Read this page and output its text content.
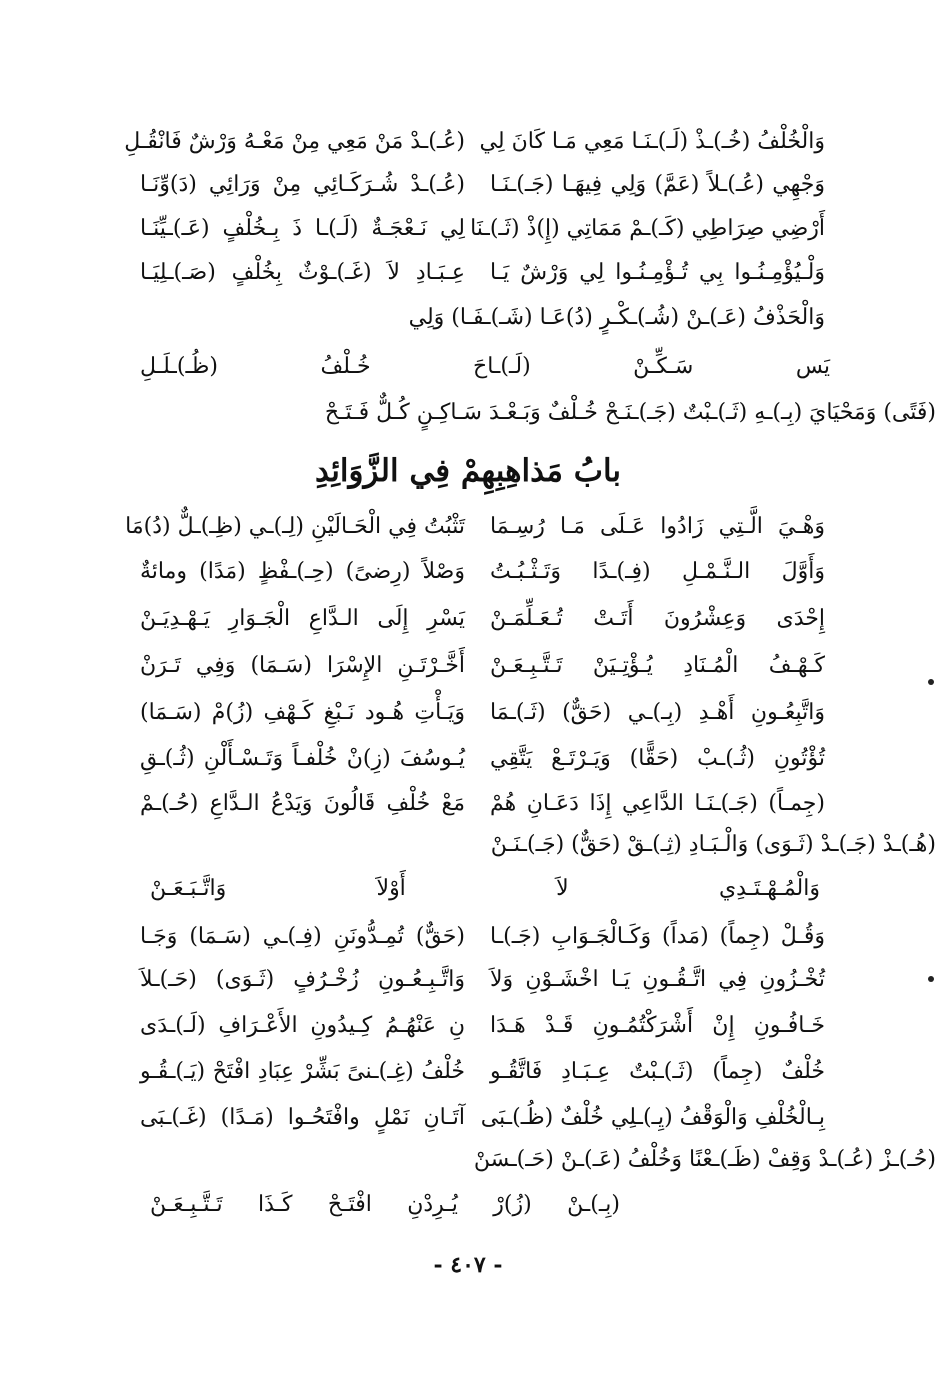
وَالْخُلْفُ (خُـ)ـذْ (لَـ)ـنَـا مَعِي مَـا كَانَ لِي
(عُـ)ـدْ مَنْ مَعِي مِنْ مَعْـهُ وَرْشٌ فَانْقُـلِ
وَجْهِي (عُـ)ـلاً (عَمَّ) وَلِي فِيهَـا (جَـ)ـنَـا
(عُـ)ـدْ شُـرَكَـائِي مِنْ وَرَائِي (دَ)وِّنَـا
أَرْضِي صِرَاطِي (كَـ)ـمْ مَمَاتِي (إِ)ذْ (ثَـ)ـنَا
لِي نَـعْجَـةٌ (لَـ)ـا ذَ بِـخُلْفٍ (عَـ)ـيِّنَـا
وَلْـيُؤْمِـنُـوا بِي تُـؤْمِـنُـوا لِي وَرْشٌ يَـا
عِـبَـادِ لاَ (غَـ)ـوْثٌ بِخُلْفٍ (صَـ)ـلِيَـا
وَالْحَذْفُ (عَـ)ـنْ (شُـ)ـكْـرٍ (دُ)عَـا (شَـ)ـفَـا) وَلِي
يَس
سَـكِّـنْ
(لَـ)ـاحَ
خُـلْفُ
(ظُـ)ـلَـلِ
(فَتًى) وَمَحْيَايَ (بِـ)ـهِ (ثَـ)ـبْتٌ (جَـ)ـنَـحْ خُـلْفٌ وَبَـعْـدَ سَـاكِـنٍ كُـلٌّ فَـتَـحْ
بابُ مَذاهِبِهِمْ فِي الزَّوَائِدِ
وَهْـيَ الَّـتِي زَادُوا عَـلَى مَـا رُسِـمَا
تَثْبُتُ فِي الْحَـالَيْنِ (لِـ)ـي (ظِـ)ـلٌّ (دُ)مَا
وَأَوَّلَ الـنَّـمْـلِ (فِـ)ـدًا وَتَـثْـبُـتُ
وَصْلاً (رِضىً) (حِـ)ـفْظٍ (مَدًا) ومائةٌ
إِحْدَى وَعِشْرُونَ أَتَـتْ تُـعَـلِّمَـنْ
يَسْرِ إِلَى الـدَّاعِ الْجَـوَارِ يَـهْـدِيَـنْ
كَـهْـفُ الْمُـنَادِ يُـؤْتِـيَنْ تَـتَّـبِـعَـنْ
أَخَّـرْتَـنِ الإِسْرَا (سَـمَا) وَفِي تَـرَنْ
وَاتَّبِعُـونِ أَهْـدِ (بِـ)ـي (حَقٌّ) (ثَـ)ـمَا
وَيَـأْتِ هُـود نَـبْغِ كَـهْفِ (زُ)مْ (سَـمَا)
تُؤْتُونِ (ثُـ)ـبْ (حَقًّا) وَيَـرْتَـعْ يَتَّقِي
يُـوسُفَ (زِ)نْ خُلْفـاً وَتَـسْـأَلْنِ (ثُـ)ـقِ
(جِمـاً) (جَـ)ـنَـا الدَّاعِي إِذَا دَعَـانِ هُمْ
مَعْ خُلْفِ قَالُونَ وَيَدْعُ الـدَّاعِ (حُـ)ـمْ
(هُـ)ـدْ (جَـ)ـدْ (ثَـوَى) وَالْـبَـادِ (ثِـ)ـقْ (حَقٌّ) (جَـ)ـنَـنْ
وَالْمُـهْـتَـدِي
لاَ
أَوْلاَ
وَاتَّـبَـعَـنْ
وَقُـلْ (جِماً) (مَداً) وَكَـالْجَـوَابِ (جَـ)ـا
(حَقٌّ) تُمِـدُّونَنِ (فِـ)ـي (سَـمَا) وَجَـا
تُخْـزُونِ فِي اتَّـقُـونِ يَـا اخْشَـوْنِ وَلاَ
وَاتَّـبِـعُـونِ زُخْـرُفٍ (ثَـوَى) (حَـ)ـلاَ
خَـافُـونِ إِنْ أَشْرَكْتُمُـونِ قَـدْ هَـدَا
نِ عَنْهُـمُ كِـيدُونِ الأَعْـرَافِ (لَـ)ـدَى
خُلْفٌ (جِماً) (ثَـ)ـبْتٌ عِـبَـادِ فَاتَّقُـو
خُلْفُ (غِـ)ـنىً بَشِّرْ عِبَادِ افْتَحْ (يَـ)ـقُـو
بِـالْخُلْفِ وَالْوَقْفُ (يِـ)ـلِي خُلْفٌ (ظُـ)ـبَى
آتَـانِ نَمْلٍ وافْتَحُـوا (مَـدًا) (غَـ)ـبَى
(حُـ)ـزْ (عُـ)ـدْ وَقِفْ (ظَـ)ـعْنًا وَخُلْفُ (عَـ)ـنْ (حَـ)ـسَنْ
(بِـ)ـنْ
(زُ)رْ
يُـرِدْنِ
افْتَـحْ
كَـذَا
تَـتَّـبِـعَـنْ
- ٤٠٧ -
